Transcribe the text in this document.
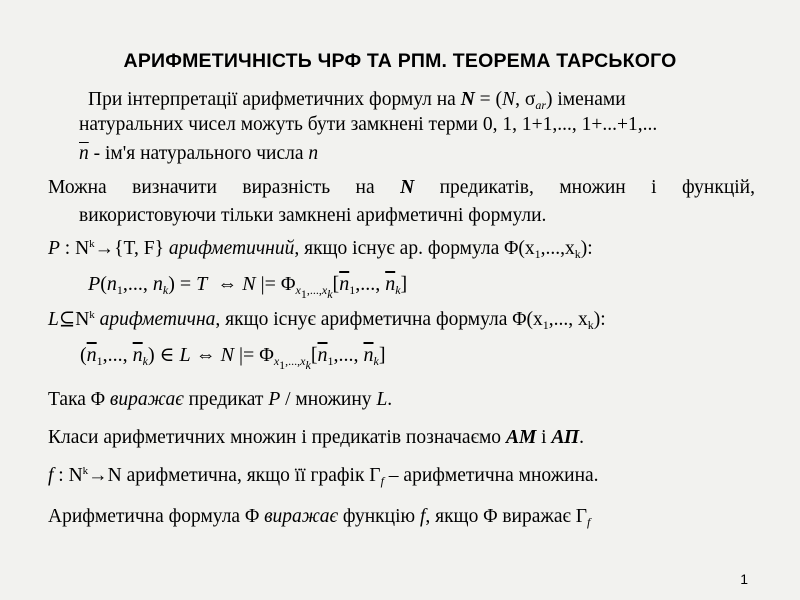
АРИФМЕТИЧНІСТЬ ЧРФ ТА РПМ. ТЕОРЕМА ТАРСЬКОГО
При інтерпретації арифметичних формул на N = (N, $\sigma_{ar}$) іменами
натуральних чисел можуть бути замкнені терми 0, 1, 1+1,..., 1+...+1,...
$\overline{n} - ім'я$ натурального числа n
Можна визначити виразність на N предикатів, множин і функцій,
використовуючи тільки замкнені арифметичні формули.
P : $N^k\to\{T$, F} арифметичний, якщо існує ар. формула $\Phi(x_1,...,x_k)$:
$P(n_1$,..., $n_k) = T$  ⇔ N |= $\Phi_{x_1,...,x_k}[\overline{n}_1$,..., $\overline{n}_k$]
$L⊆N^k$ арифметична, якщо існує арифметична формула $\Phi(x_1$,..., $x_k$):
($\overline{n}_1$,..., $\overline{n}_k$) ∈ L ⇔ N |= $\Phi_{x_1,...,x_k}[\overline{n}_1$,..., $\overline{n}_k$]
Така Φ виражає предикат P / множину L.
Класи арифметичних множин і предикатів позначаємо АМ і АП.
f : $N^k\to N$ арифметична, якщо її графік $\Gamma_f$ – арифметична множина.
Арифметична формула Φ виражає функцію f, якщо Φ виражає $\Gamma_f$
1
